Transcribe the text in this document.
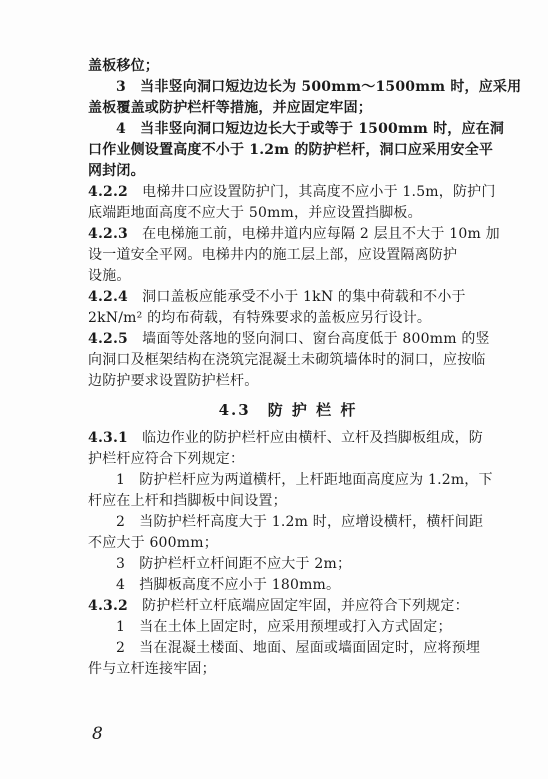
盖板移位；
3　当非竖向洞口短边边长为 500mm～1500mm 时，应采用
盖板覆盖或防护栏杆等措施，并应固定牢固；
4　当非竖向洞口短边边长大于或等于 1500mm 时，应在洞
口作业侧设置高度不小于 1.2m 的防护栏杆，洞口应采用安全平
网封闭。
4.2.2　电梯井口应设置防护门，其高度不应小于 1.5m，防护门
底端距地面高度不应大于 50mm，并应设置挡脚板。
4.2.3　在电梯施工前，电梯井道内应每隔 2 层且不大于 10m 加
设一道安全平网。电梯井内的施工层上部，应设置隔离防护
设施。
4.2.4　洞口盖板应能承受不小于 1kN 的集中荷载和不小于
2kN/m² 的均布荷载，有特殊要求的盖板应另行设计。
4.2.5　墙面等处落地的竖向洞口、窗台高度低于 800mm 的竖
向洞口及框架结构在浇筑完混凝土未砌筑墙体时的洞口，应按临
边防护要求设置防护栏杆。
4.3　防 护 栏 杆
4.3.1　临边作业的防护栏杆应由横杆、立杆及挡脚板组成，防
护栏杆应符合下列规定：
1　防护栏杆应为两道横杆，上杆距地面高度应为 1.2m，下
杆应在上杆和挡脚板中间设置；
2　当防护栏杆高度大于 1.2m 时，应增设横杆，横杆间距
不应大于 600mm；
3　防护栏杆立杆间距不应大于 2m；
4　挡脚板高度不应小于 180mm。
4.3.2　防护栏杆立杆底端应固定牢固，并应符合下列规定：
1　当在土体上固定时，应采用预埋或打入方式固定；
2　当在混凝土楼面、地面、屋面或墙面固定时，应将预埋
件与立杆连接牢固；
8
